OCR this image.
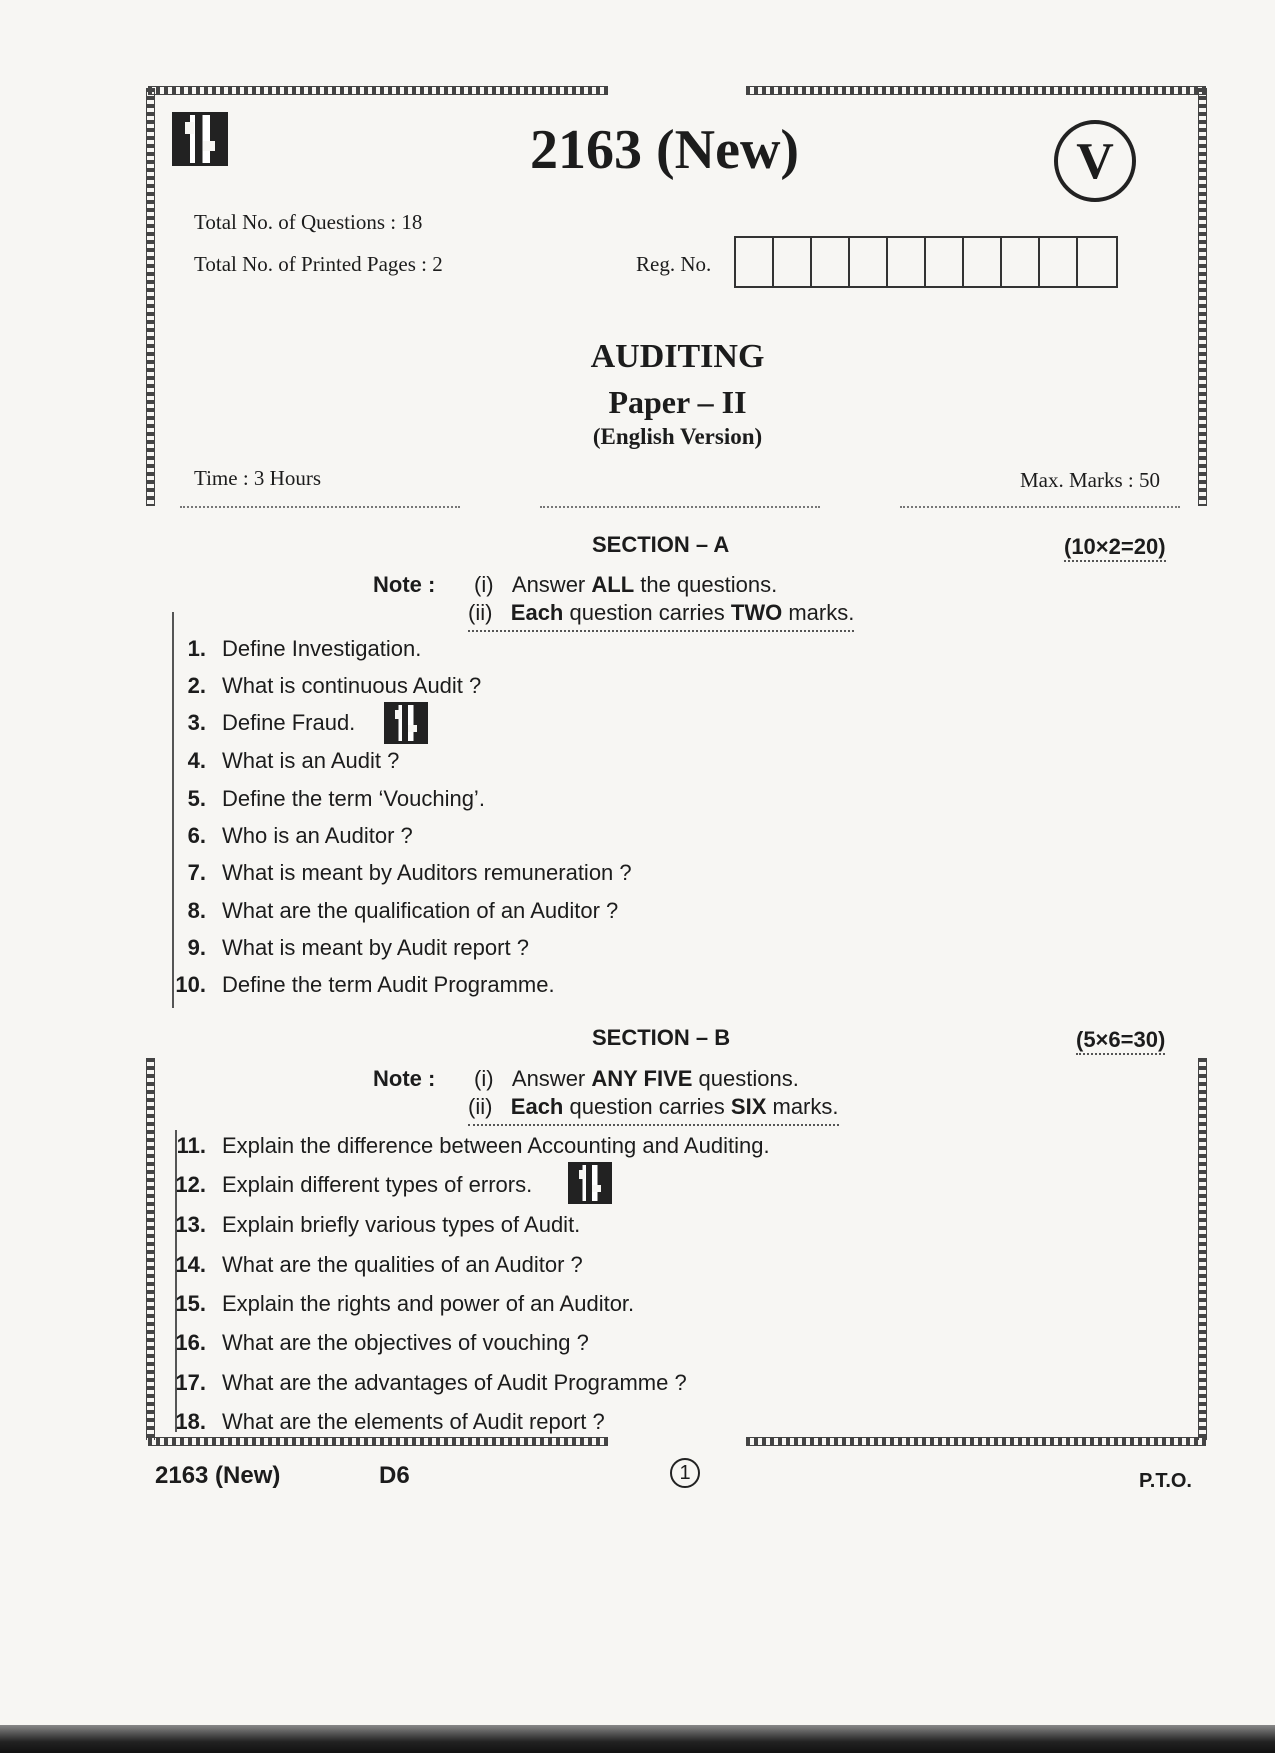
2163 (New)	V
Total No. of Questions : 18
Total No. of Printed Pages : 2	Reg. No.
AUDITING
Paper – II
(English Version)
Time : 3 Hours	Max. Marks : 50
SECTION – A	(10×2=20)
Note : (i) Answer ALL the questions.
(ii) Each question carries TWO marks.
1. Define Investigation.
2. What is continuous Audit ?
3. Define Fraud.
4. What is an Audit ?
5. Define the term ‘Vouching’.
6. Who is an Auditor ?
7. What is meant by Auditors remuneration ?
8. What are the qualification of an Auditor ?
9. What is meant by Audit report ?
10. Define the term Audit Programme.
SECTION – B	(5×6=30)
Note : (i) Answer ANY FIVE questions.
(ii) Each question carries SIX marks.
11. Explain the difference between Accounting and Auditing.
12. Explain different types of errors.
13. Explain briefly various types of Audit.
14. What are the qualities of an Auditor ?
15. Explain the rights and power of an Auditor.
16. What are the objectives of vouching ?
17. What are the advantages of Audit Programme ?
18. What are the elements of Audit report ?
2163 (New)	D6	1	P.T.O.
